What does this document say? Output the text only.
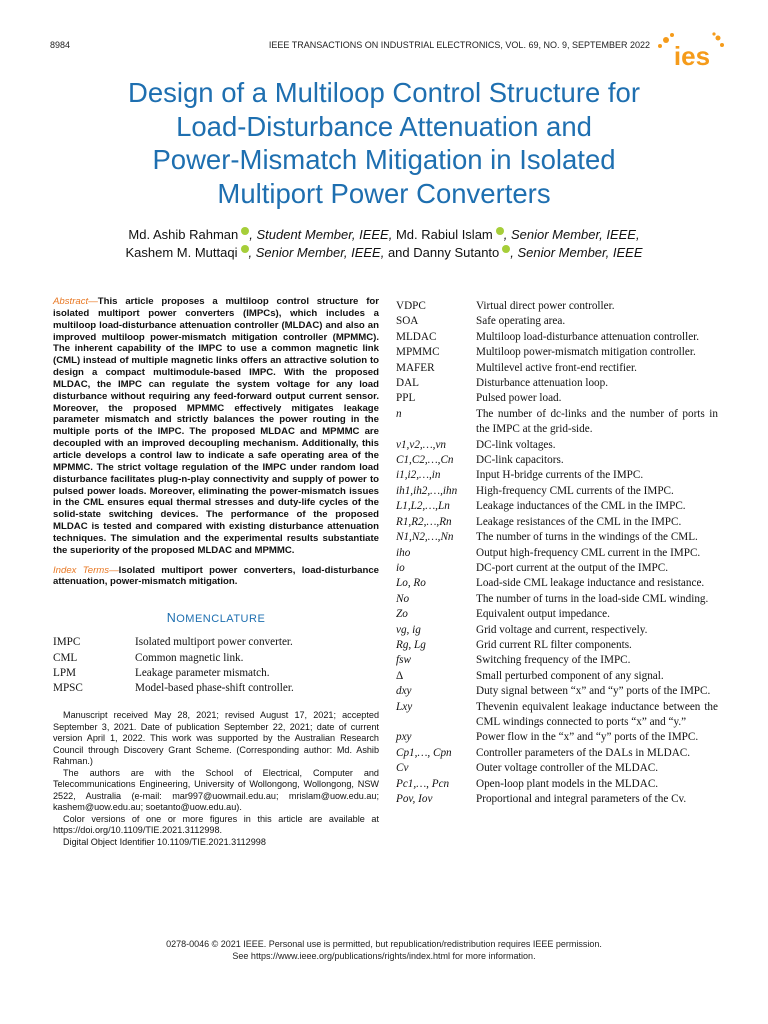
8984	IEEE TRANSACTIONS ON INDUSTRIAL ELECTRONICS, VOL. 69, NO. 9, SEPTEMBER 2022 ies
Design of a Multiloop Control Structure for
Load-Disturbance Attenuation and
Power-Mismatch Mitigation in Isolated
Multiport Power Converters
Md. Ashib Rahman , Student Member, IEEE, Md. Rabiul Islam , Senior Member, IEEE,
Kashem M. Muttaqi , Senior Member, IEEE, and Danny Sutanto , Senior Member, IEEE

Abstract—This article proposes a multiloop control structure for isolated multiport power converters (IMPCs), which includes a multiloop load-disturbance attenuation controller (MLDAC) and also an improved multiloop power-mismatch mitigation controller (MPMMC). The inherent capability of the IMPC to use a common magnetic link (CML) instead of multiple magnetic links offers an attractive solution to design a compact multimodule-based IMPC. With the proposed MLDAC, the IMPC can regulate the system voltage for any load disturbance without requiring any feed-forward output current sensor. Moreover, the proposed MPMMC effectively mitigates leakage parameter mismatch and strictly balances the power routing in the multiple ports of the IMPC. The proposed MLDAC and MPMMC are decoupled with an improved decoupling mechanism. Additionally, this article develops a control law to indicate a safe operating area of the MPMMC. The strict voltage regulation of the IMPC under random load disturbance facilitates plug-n-play connectivity and supply of power to pulsed power loads. Moreover, eliminating the power-mismatch issues in the CML ensures equal thermal stresses and duty-life cycles of the solid-state switching devices. The performance of the proposed MLDAC is tested and compared with existing disturbance attenuation techniques. The simulation and the experimental results substantiate the superiority of the proposed MLDAC and MPMMC.

Index Terms—Isolated multiport power converters, load-disturbance attenuation, power-mismatch mitigation.

NOMENCLATURE
IMPC	Isolated multiport power converter.
CML	Common magnetic link.
LPM	Leakage parameter mismatch.
MPSC	Model-based phase-shift controller.

Manuscript received May 28, 2021; revised August 17, 2021; accepted September 3, 2021. Date of publication September 22, 2021; date of current version April 1, 2022. This work was supported by the Australian Research Council through Discovery Grant Scheme. (Corresponding author: Md. Ashib Rahman.)

The authors are with the School of Electrical, Computer and Telecommunications Engineering, University of Wollongong, Wollongong, NSW 2522, Australia (e-mail: mar997@uowmail.edu.au; mrislam@uow.edu.au; kashem@uow.edu.au; soetanto@uow.edu.au).

Color versions of one or more figures in this article are available at https://doi.org/10.1109/TIE.2021.3112998.

Digital Object Identifier 10.1109/TIE.2021.3112998

VDPC	Virtual direct power controller.
SOA	Safe operating area.
MLDAC	Multiloop load-disturbance attenuation controller.
MPMMC	Multiloop power-mismatch mitigation controller.
MAFER	Multilevel active front-end rectifier.
DAL	Disturbance attenuation loop.
PPL	Pulsed power load.
n	The number of dc-links and the number of ports in the IMPC at the grid-side.
v1,v2,…,vn	DC-link voltages.
C1,C2,…,Cn	DC-link capacitors.
i1,i2,…,in	Input H-bridge currents of the IMPC.
ih1,ih2,…,ihn	High-frequency CML currents of the IMPC.
L1,L2,…,Ln	Leakage inductances of the CML in the IMPC.
R1,R2,…,Rn	Leakage resistances of the CML in the IMPC.
N1,N2,…,Nn	The number of turns in the windings of the CML.
iho	Output high-frequency CML current in the IMPC.
io	DC-port current at the output of the IMPC.
Lo, Ro	Load-side CML leakage inductance and resistance.
No	The number of turns in the load-side CML winding.
Zo	Equivalent output impedance.
vg, ig	Grid voltage and current, respectively.
Rg, Lg	Grid current RL filter components.
fsw	Switching frequency of the IMPC.
Δ	Small perturbed component of any signal.
dxy	Duty signal between “x” and “y” ports of the IMPC.
Lxy	Thevenin equivalent leakage inductance between the CML windings connected to ports “x” and “y.”
pxy	Power flow in the “x” and “y” ports of the IMPC.
Cp1,…, Cpn	Controller parameters of the DALs in MLDAC.
Cv	Outer voltage controller of the MLDAC.
Pc1,…, Pcn	Open-loop plant models in the MLDAC.
Pov, Iov	Proportional and integral parameters of the Cv.
0278-0046 © 2021 IEEE. Personal use is permitted, but republication/redistribution requires IEEE permission.
See https://www.ieee.org/publications/rights/index.html for more information.
